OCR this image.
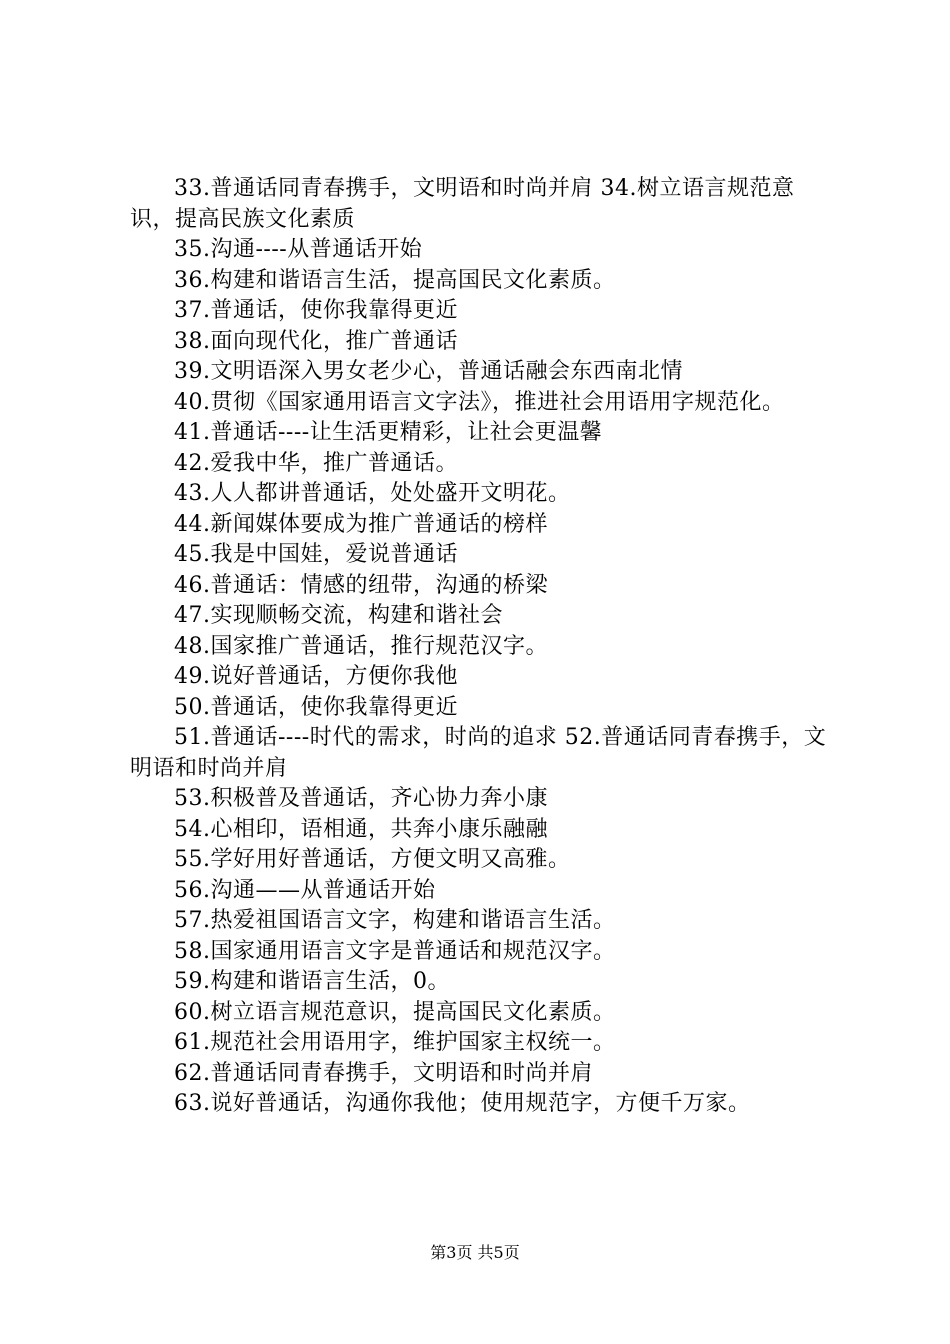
33.普通话同青春携手，文明语和时尚并肩 34.树立语言规范意识，提高民族文化素质

35.沟通----从普通话开始

36.构建和谐语言生活，提高国民文化素质。

37.普通话，使你我靠得更近

38.面向现代化，推广普通话

39.文明语深入男女老少心，普通话融会东西南北情

40.贯彻《国家通用语言文字法》，推进社会用语用字规范化。

41.普通话----让生活更精彩，让社会更温馨

42.爱我中华，推广普通话。

43.人人都讲普通话，处处盛开文明花。

44.新闻媒体要成为推广普通话的榜样

45.我是中国娃，爱说普通话

46.普通话：情感的纽带，沟通的桥梁

47.实现顺畅交流，构建和谐社会

48.国家推广普通话，推行规范汉字。

49.说好普通话，方便你我他

50.普通话，使你我靠得更近

51.普通话----时代的需求，时尚的追求 52.普通话同青春携手，文明语和时尚并肩

53.积极普及普通话，齐心协力奔小康

54.心相印，语相通，共奔小康乐融融

55.学好用好普通话，方便文明又高雅。

56.沟通——从普通话开始

57.热爱祖国语言文字，构建和谐语言生活。

58.国家通用语言文字是普通话和规范汉字。

59.构建和谐语言生活，0。

60.树立语言规范意识，提高国民文化素质。

61.规范社会用语用字，维护国家主权统一。

62.普通话同青春携手，文明语和时尚并肩

63.说好普通话，沟通你我他；使用规范字，方便千万家。

第3页 共5页
